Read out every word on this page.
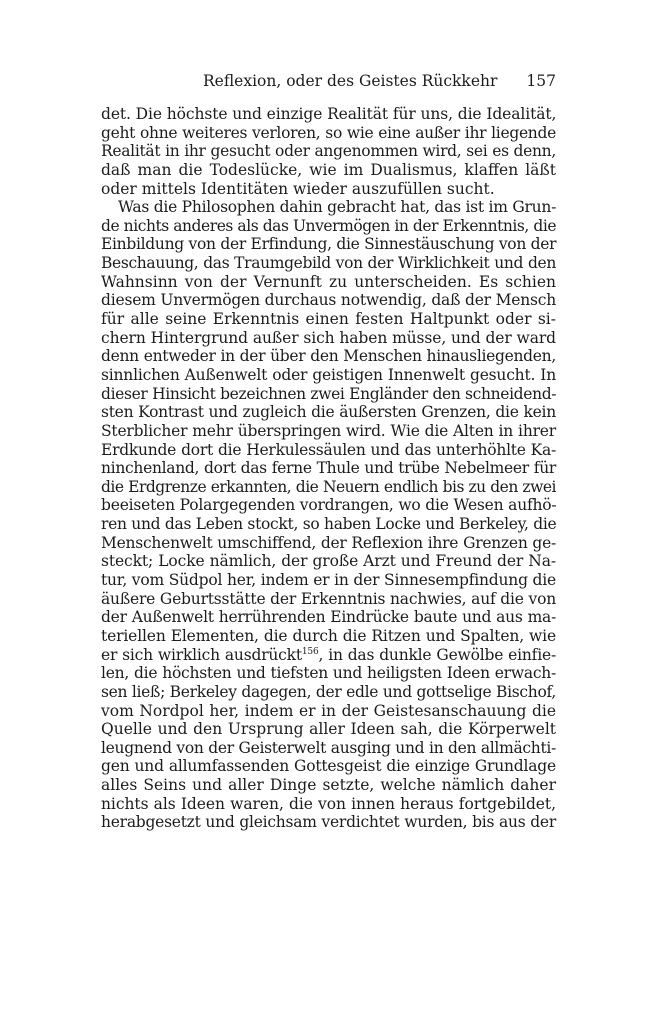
Reflexion, oder des Geistes Rückkehr 157
det. Die höchste und einzige Realität für uns, die Idealität,
geht ohne weiteres verloren, so wie eine außer ihr liegende
Realität in ihr gesucht oder angenommen wird, sei es denn,
daß man die Todeslücke, wie im Dualismus, klaffen läßt
oder mittels Identitäten wieder auszufüllen sucht.
Was die Philosophen dahin gebracht hat, das ist im Grun-
de nichts anderes als das Unvermögen in der Erkenntnis, die
Einbildung von der Erfindung, die Sinnestäuschung von der
Beschauung, das Traumgebild von der Wirklichkeit und den
Wahnsinn von der Vernunft zu unterscheiden. Es schien
diesem Unvermögen durchaus notwendig, daß der Mensch
für alle seine Erkenntnis einen festen Haltpunkt oder si-
chern Hintergrund außer sich haben müsse, und der ward
denn entweder in der über den Menschen hinausliegenden,
sinnlichen Außenwelt oder geistigen Innenwelt gesucht. In
dieser Hinsicht bezeichnen zwei Engländer den schneidend-
sten Kontrast und zugleich die äußersten Grenzen, die kein
Sterblicher mehr überspringen wird. Wie die Alten in ihrer
Erdkunde dort die Herkulessäulen und das unterhöhlte Ka-
ninchenland, dort das ferne Thule und trübe Nebelmeer für
die Erdgrenze erkannten, die Neuern endlich bis zu den zwei
beeiseten Polargegenden vordrangen, wo die Wesen aufhö-
ren und das Leben stockt, so haben Locke und Berkeley, die
Menschenwelt umschiffend, der Reflexion ihre Grenzen ge-
steckt; Locke nämlich, der große Arzt und Freund der Na-
tur, vom Südpol her, indem er in der Sinnesempfindung die
äußere Geburtsstätte der Erkenntnis nachwies, auf die von
der Außenwelt herrührenden Eindrücke baute und aus ma-
teriellen Elementen, die durch die Ritzen und Spalten, wie
er sich wirklich ausdrückt$^{156}$, in das dunkle Gewölbe einfie-
len, die höchsten und tiefsten und heiligsten Ideen erwach-
sen ließ; Berkeley dagegen, der edle und gottselige Bischof,
vom Nordpol her, indem er in der Geistesanschauung die
Quelle und den Ursprung aller Ideen sah, die Körperwelt
leugnend von der Geisterwelt ausging und in den allmächti-
gen und allumfassenden Gottesgeist die einzige Grundlage
alles Seins und aller Dinge setzte, welche nämlich daher
nichts als Ideen waren, die von innen heraus fortgebildet,
herabgesetzt und gleichsam verdichtet wurden, bis aus der
